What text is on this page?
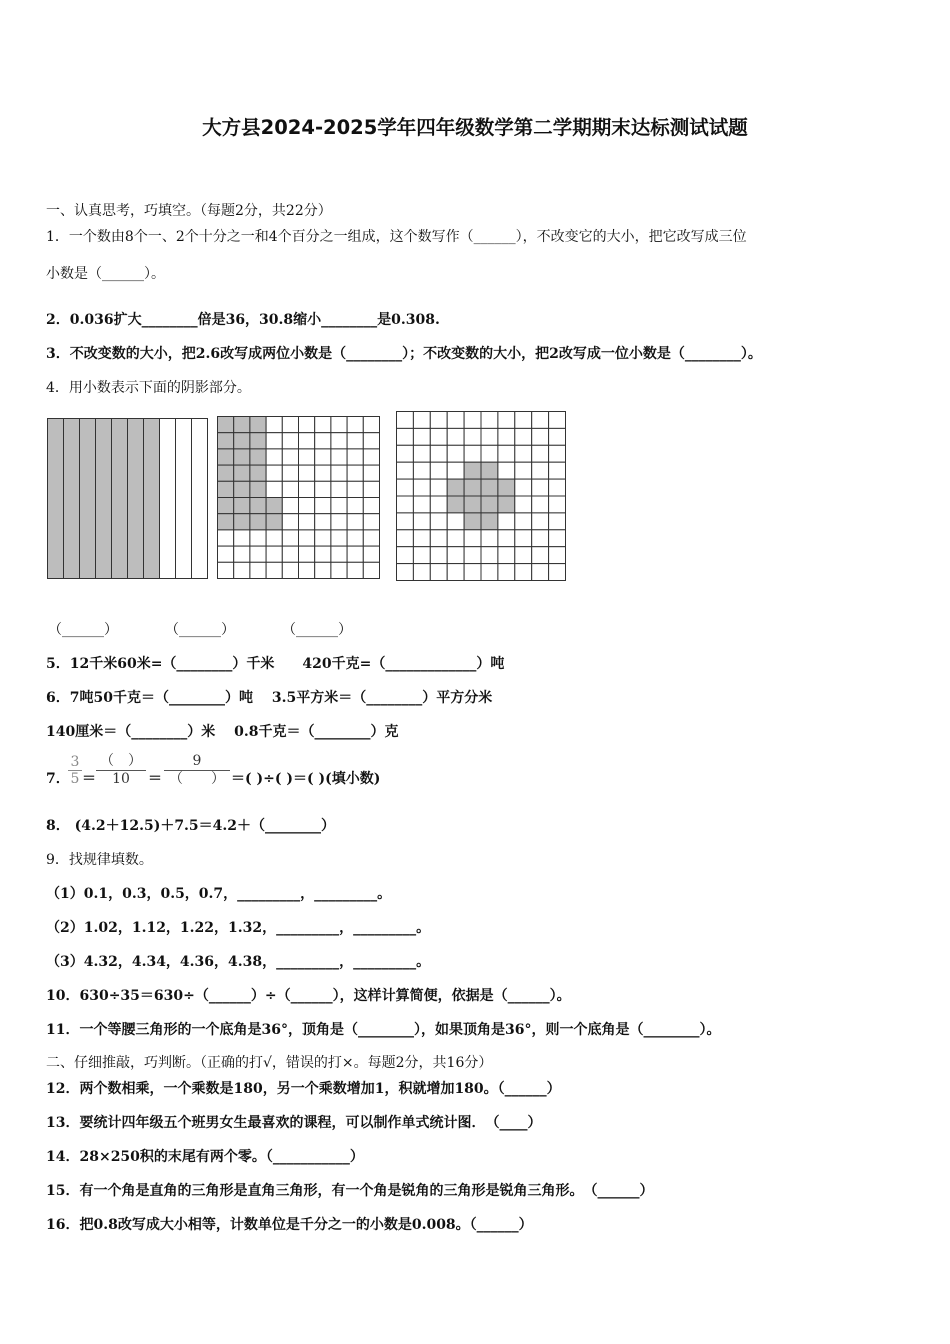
大方县2024-2025学年四年级数学第二学期期末达标测试试题
一、认真思考，巧填空。（每题2分，共22分）
1．一个数由8个一、2个十分之一和4个百分之一组成，这个数写作（______），不改变它的大小，把它改写成三位
小数是（______）。
2．0.036扩大________倍是36，30.8缩小________是0.308.
3．不改变数的大小，把2.6改写成两位小数是（________）；不改变数的大小，把2改写成一位小数是（________）。
4．用小数表示下面的阴影部分。
（______）	（______）	（______）
5．12千米60米=（________）千米　　420千克=（_____________）吨
6．7吨50千克＝（________）吨　 3.5平方米＝（________）平方分米
140厘米＝（________）米　 0.8千克＝（________）克
7．
$\frac{3}{5}$ ＝
（　）
10	＝
9
（　　） ＝( )÷( )＝( )(填小数)
8． (4.2＋12.5)＋7.5＝4.2＋（________）
9．找规律填数。
（1）0.1，0.3，0.5，0.7，_________，_________。
（2）1.02，1.12，1.22，1.32，_________，_________。
（3）4.32，4.34，4.36，4.38，_________，_________。
10．630÷35＝630÷（______）÷（______），这样计算简便，依据是（______）。
11．一个等腰三角形的一个底角是36°，顶角是（________），如果顶角是36°，则一个底角是（________）。
二、仔细推敲，巧判断。（正确的打√，错误的打×。每题2分，共16分）
12．两个数相乘，一个乘数是180，另一个乘数增加1，积就增加180。（______）
13．要统计四年级五个班男女生最喜欢的课程，可以制作单式统计图．　（____）
14．28×250积的末尾有两个零。（___________）
15．有一个角是直角的三角形是直角三角形，有一个角是锐角的三角形是锐角三角形。　（______）
16．把0.8改写成大小相等，计数单位是千分之一的小数是0.008。（______）
